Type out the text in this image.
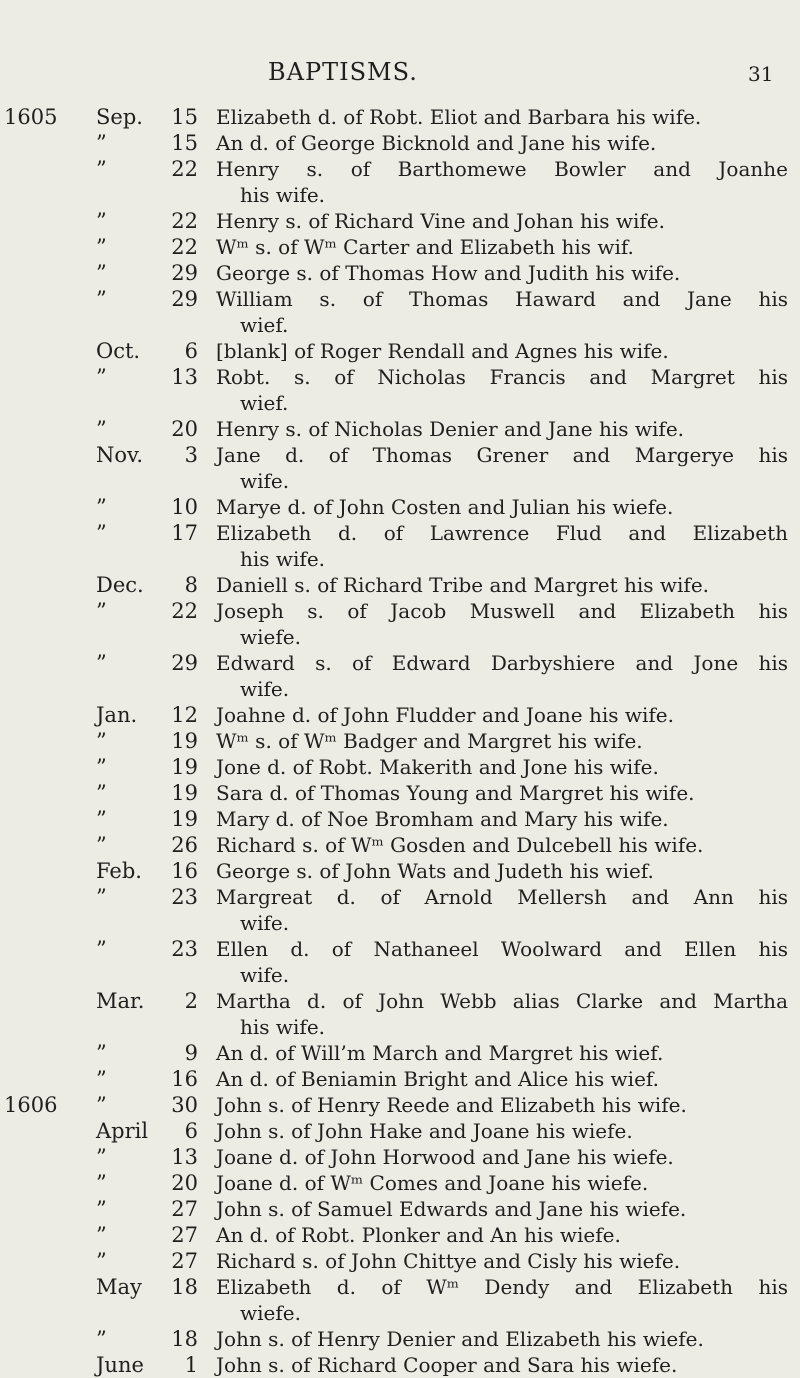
BAPTISMS.	31
1605	Sep.	15 Elizabeth d. of Robt. Eliot and Barbara his wife.
”	15 An d. of George Bicknold and Jane his wife.
”	22 Henry s. of Barthomewe Bowler and Joanhe
his wife.
”	22 Henry s. of Richard Vine and Johan his wife.
”	22 Wᵐ s. of Wᵐ Carter and Elizabeth his wif.
”	29 George s. of Thomas How and Judith his wife.
”	29 William s. of Thomas Haward and Jane his
wief.
Oct.	6 [blank] of Roger Rendall and Agnes his wife.
”	13 Robt. s. of Nicholas Francis and Margret his
wief.
”	20 Henry s. of Nicholas Denier and Jane his wife.
Nov.	3 Jane d. of Thomas Grener and Margerye his
wife.
”	10 Marye d. of John Costen and Julian his wiefe.
”	17 Elizabeth d. of Lawrence Flud and Elizabeth
his wife.
Dec.	8 Daniell s. of Richard Tribe and Margret his wife.
”	22 Joseph s. of Jacob Muswell and Elizabeth his
wiefe.
”	29 Edward s. of Edward Darbyshiere and Jone his
wife.
Jan.	12 Joahne d. of John Fludder and Joane his wife.
”	19 Wᵐ s. of Wᵐ Badger and Margret his wife.
”	19 Jone d. of Robt. Makerith and Jone his wife.
”	19 Sara d. of Thomas Young and Margret his wife.
”	19 Mary d. of Noe Bromham and Mary his wife.
”	26 Richard s. of Wᵐ Gosden and Dulcebell his wife.
Feb.	16 George s. of John Wats and Judeth his wief.
”	23 Margreat d. of Arnold Mellersh and Ann his
wife.
”	23 Ellen d. of Nathaneel Woolward and Ellen his
wife.
Mar.	2 Martha d. of John Webb alias Clarke and Martha
his wife.
”	9 An d. of Will’m March and Margret his wief.
”	16 An d. of Beniamin Bright and Alice his wief.
1606	”	30 John s. of Henry Reede and Elizabeth his wife.
April	6 John s. of John Hake and Joane his wiefe.
”	13 Joane d. of John Horwood and Jane his wiefe.
”	20 Joane d. of Wᵐ Comes and Joane his wiefe.
”	27 John s. of Samuel Edwards and Jane his wiefe.
”	27 An d. of Robt. Plonker and An his wiefe.
”	27 Richard s. of John Chittye and Cisly his wiefe.
May	18 Elizabeth d. of Wᵐ Dendy and Elizabeth his
wiefe.
”	18 John s. of Henry Denier and Elizabeth his wiefe.
June	1 John s. of Richard Cooper and Sara his wiefe.
